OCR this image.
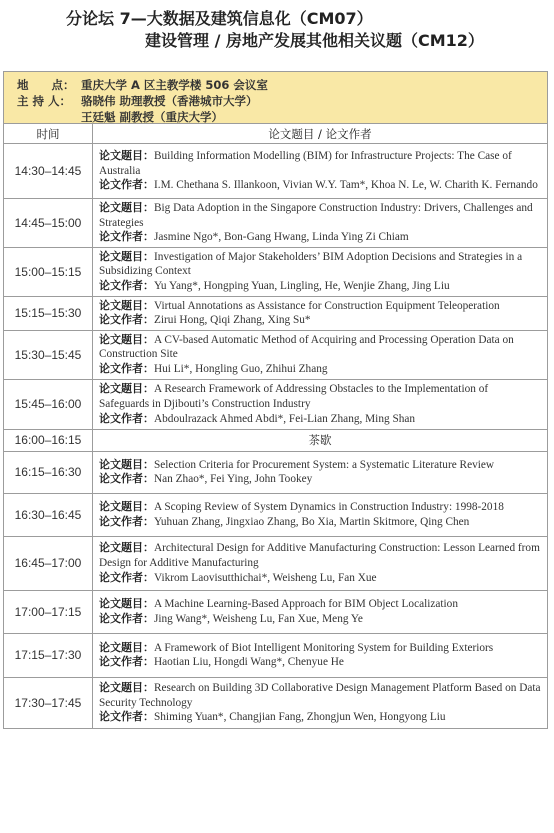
分论坛 7—大数据及建筑信息化（CM07）
建设管理 / 房地产发展其他相关议题（CM12）
地　　点： 重庆大学 A 区主教学楼 506 会议室
主 持 人： 骆晓伟 助理教授（香港城市大学）
王廷魁 副教授（重庆大学）
时间	论文题目 / 论文作者
14:30–14:45	论文题目：Building Information Modelling (BIM) for Infrastructure Projects: The Case of Australia
论文作者：I.M. Chethana S. Illankoon, Vivian W.Y. Tam*, Khoa N. Le, W. Charith K. Fernando

14:45–15:00	论文题目：Big Data Adoption in the Singapore Construction Industry: Drivers, Challenges and Strategies
论文作者：Jasmine Ngo*, Bon-Gang Hwang, Linda Ying Zi Chiam

15:00–15:15	论文题目：Investigation of Major Stakeholders’ BIM Adoption Decisions and Strategies in a Subsidizing Context
论文作者：Yu Yang*, Hongping Yuan, Lingling, He, Wenjie Zhang, Jing Liu

15:15–15:30	论文题目：Virtual Annotations as Assistance for Construction Equipment Teleoperation
论文作者：Zirui Hong, Qiqi Zhang, Xing Su*

15:30–15:45	论文题目：A CV-based Automatic Method of Acquiring and Processing Operation Data on Construction Site
论文作者：Hui Li*, Hongling Guo, Zhihui Zhang

15:45–16:00	论文题目：A Research Framework of Addressing Obstacles to the Implementation of Safeguards in Djibouti’s Construction Industry
论文作者：Abdoulrazack Ahmed Abdi*, Fei-Lian Zhang, Ming Shan

16:00–16:15	茶歇
16:15–16:30	论文题目：Selection Criteria for Procurement System: a Systematic Literature Review
论文作者：Nan Zhao*, Fei Ying, John Tookey

16:30–16:45	论文题目：A Scoping Review of System Dynamics in Construction Industry: 1998-2018
论文作者：Yuhuan Zhang, Jingxiao Zhang, Bo Xia, Martin Skitmore, Qing Chen

16:45–17:00	论文题目：Architectural Design for Additive Manufacturing Construction: Lesson Learned from Design for Additive Manufacturing
论文作者：Vikrom Laovisutthichai*, Weisheng Lu, Fan Xue

17:00–17:15	论文题目：A Machine Learning-Based Approach for BIM Object Localization
论文作者：Jing Wang*, Weisheng Lu, Fan Xue, Meng Ye

17:15–17:30	论文题目：A Framework of Biot Intelligent Monitoring System for Building Exteriors
论文作者：Haotian Liu, Hongdi Wang*, Chenyue He

17:30–17:45	论文题目：Research on Building 3D Collaborative Design Management Platform Based on Data Security Technology
论文作者：Shiming Yuan*, Changjian Fang, Zhongjun Wen, Hongyong Liu
